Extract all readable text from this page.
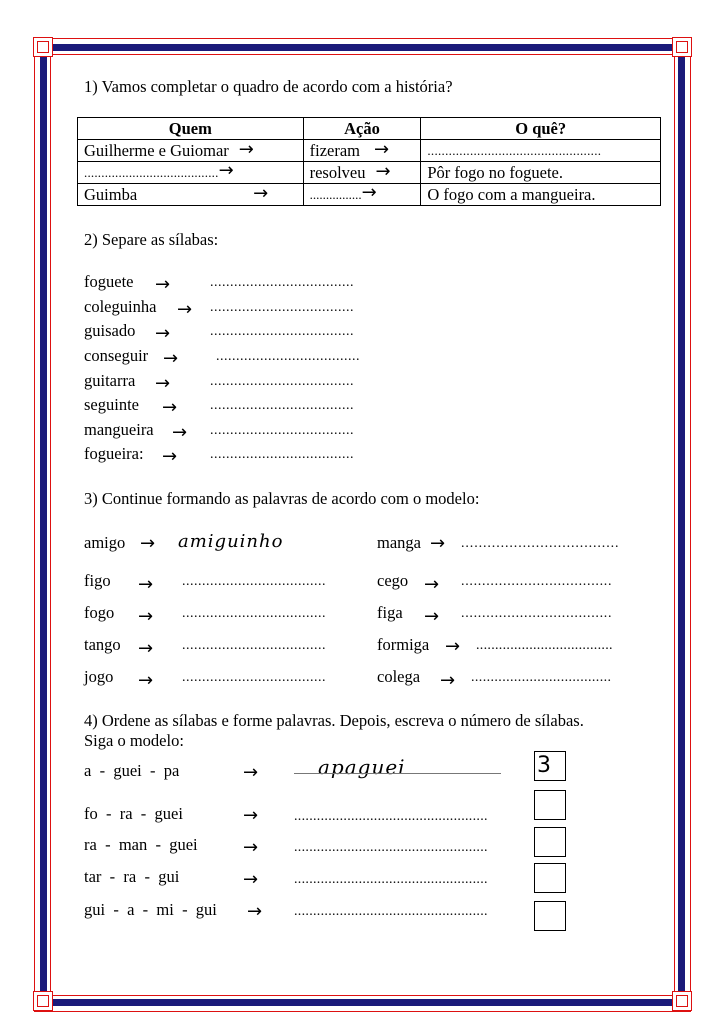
1) Vamos completar o quadro de acordo com a história?
Quem	Ação	O quê?
Guilherme e Guiomar →	fizeram →	.................................................
.......................................→	resolveu →	Pôr fogo no foguete.
Guimba →	................→	O fogo com a mangueira.
2) Separe as sílabas:
foguete →	....................................
coleguinha → ....................................
guisado →	....................................
conseguir →	....................................
guitarra →	....................................
seguinte → ....................................
mangueira → ....................................
fogueira: → ....................................
3) Continue formando as palavras de acordo com o modelo:
amigo → amiguinho
figo → ....................................
fogo → ....................................
tango → ....................................
jogo → ....................................
manga → ....................................
cego → ....................................
figa → ....................................
formiga → ....................................
colega → ....................................
4) Ordene as sílabas e forme palavras. Depois, escreva o número de sílabas.
Siga o modelo:
a  -  guei  -  pa	→	apaguei	3
fo  -  ra  -  guei	→	...................................................
ra  -  man  -  guei	→	...................................................
tar  -  ra  -  gui	→	...................................................
gui  -  a  -  mi  -  gui → ...................................................
